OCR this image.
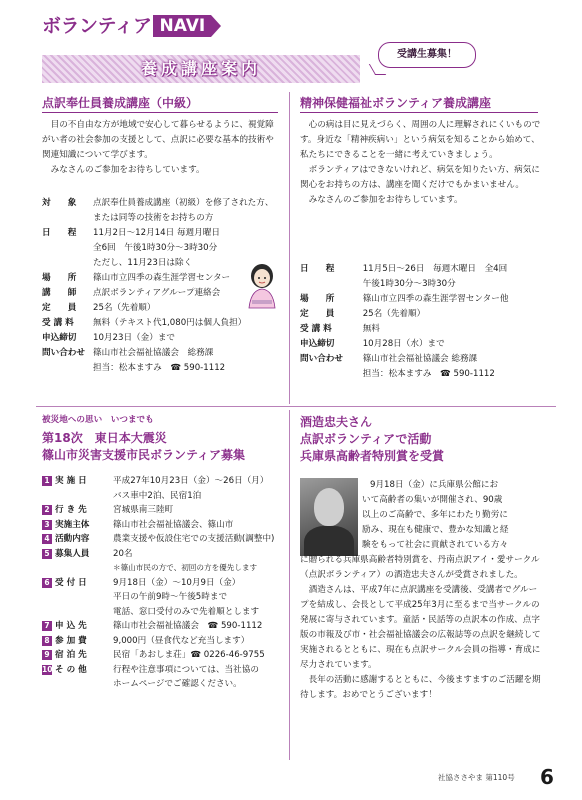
ボランティア NAVI
養成講座案内
受講生募集！
点訳奉仕員養成講座（中級）

目の不自由な方が地域で安心して暮らせるように、視覚障がい者の社会参加の支援として、点訳に必要な基本的技術や関連知識について学びます。

みなさんのご参加をお待ちしています。

対　　象	点訳奉仕員養成講座（初級）を修了された方、または同等の技術をお持ちの方
日　　程	11月2日～12月14日 毎週月曜日
	全6回　午後1時30分～3時30分
	ただし、11月23日は除く
場　　所	篠山市立四季の森生涯学習センター
講　　師	点訳ボランティアグループ連絡会
定　　員	25名（先着順）
受 講 料	無料（テキスト代1,080円は個人負担）
申込締切	10月23日（金）まで
問い合わせ	篠山市社会福祉協議会　総務課
	担当：松本ますみ　☎ 590-1112
精神保健福祉ボランティア養成講座

心の病は目に見えづらく、周囲の人に理解されにくいものです。身近な「精神疾病い」という病気を知ることから始めて、私たちにできることを一緒に考えていきましょう。

ボランティアはできないけれど、病気を知りたい方、病気に関心をお持ちの方は、講座を聞くだけでもかまいません。

みなさんのご参加をお待ちしています。

日　　程	11月5日～26日　毎週木曜日　全4回
	午後1時30分～3時30分
場　　所	篠山市立四季の森生涯学習センター他
定　　員	25名（先着順）
受 講 料	無料
申込締切	10月28日（水）まで
問い合わせ	篠山市社会福祉協議会 総務課
	担当：松本ますみ　☎ 590-1112
被災地への思い　いつまでも
第18次　東日本大震災
篠山市災害支援市民ボランティア募集
1	実 施 日	平成27年10月23日（金）～26日（月）
		バス車中2泊、民宿1泊
2	行 き 先	宮城県南三陸町
3	実施主体	篠山市社会福祉協議会、篠山市
4	活動内容	農業支援や仮設住宅での支援活動(調整中)
5	募集人員	20名
		＊篠山市民の方で、初回の方を優先します
6	受 付 日	9月18日（金）～10月9日（金）
		平日の午前9時～午後5時まで
		電話、窓口受付のみで先着順とします
7	申 込 先	篠山市社会福祉協議会　☎ 590-1112
8	参 加 費	9,000円（昼食代など充当します）
9	宿 泊 先	民宿「あおしま荘」☎ 0226-46-9755
10	そ の 他	行程や注意事項については、当社協の
		ホームページでご確認ください。
酒造忠夫さん
点訳ボランティアで活動
兵庫県高齢者特別賞を受賞
9月18日（金）に兵庫県公館にお
いて高齢者の集いが開催され、90歳
以上のご高齢で、多年にわたり勤労に
励み、現在も健康で、豊かな知識と経
験をもって社会に貢献されている方々

に贈られる兵庫県高齢者特別賞を、丹南点訳アイ・愛サークル（点訳ボランティア）の酒造忠夫さんが受賞されました。

酒造さんは、平成7年に点訳講座を受講後、受講者でグループを結成し、会長として平成25年3月に至るまで当サークルの発展に寄与されています。童話・民話等の点訳本の作成、点字版の市報及び市・社会福祉協議会の広報誌等の点訳を継続して実施されるとともに、現在も点訳サークル会員の指導・育成に尽力されています。

長年の活動に感謝するとともに、今後ますますのご活躍を期待します。おめでとうございます！

社協ささやま 第110号 6
